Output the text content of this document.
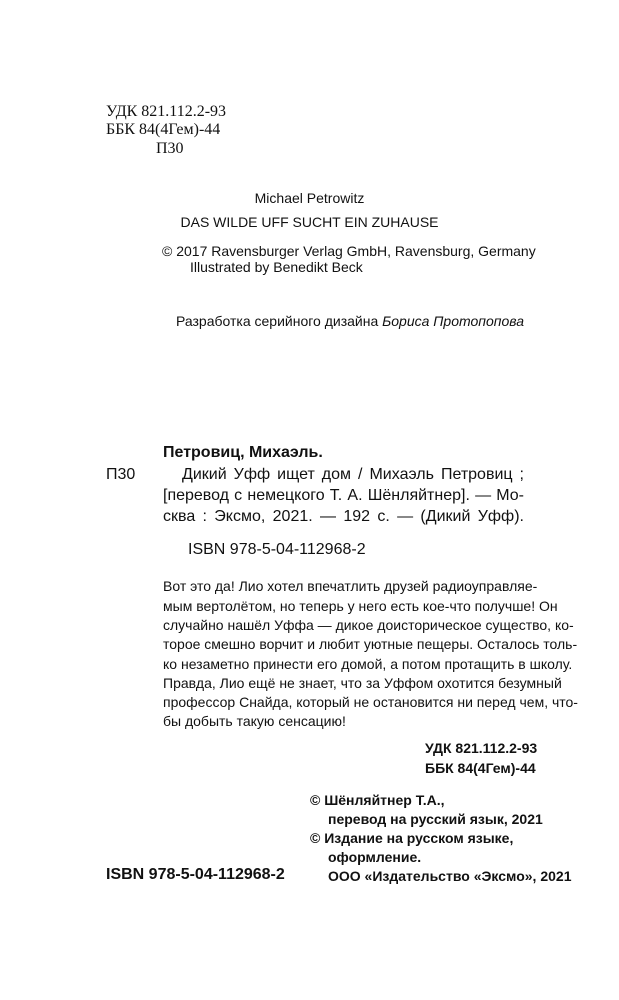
УДК 821.112.2-93
ББК 84(4Гем)-44
П30
Michael Petrowitz
DAS WILDE UFF SUCHT EIN ZUHAUSE
© 2017 Ravensburger Verlag GmbH, Ravensburg, Germany
Illustrated by Benedikt Beck
Разработка серийного дизайна Бориса Протопопова
Петровиц, Михаэль.
П30	Дикий Уфф ищет дом / Михаэль Петровиц ;
[перевод с немецкого Т. А. Шёнляйтнер]. — Мо-
сква : Эксмо, 2021. — 192 с. — (Дикий Уфф).
ISBN 978-5-04-112968-2
Вот это да! Лио хотел впечатлить друзей радиоуправляе-
мым вертолётом, но теперь у него есть кое-что получше! Он
случайно нашёл Уффа — дикое доисторическое существо, ко-
торое смешно ворчит и любит уютные пещеры. Осталось толь-
ко незаметно принести его домой, а потом протащить в школу.
Правда, Лио ещё не знает, что за Уффом охотится безумный
профессор Снайда, который не остановится ни перед чем, что-
бы добыть такую сенсацию!
УДК 821.112.2-93
ББК 84(4Гем)-44
© Шёнляйтнер Т.А.,
перевод на русский язык, 2021
© Издание на русском языке,
оформление.
ООО «Издательство «Эксмо», 2021
ISBN 978-5-04-112968-2
